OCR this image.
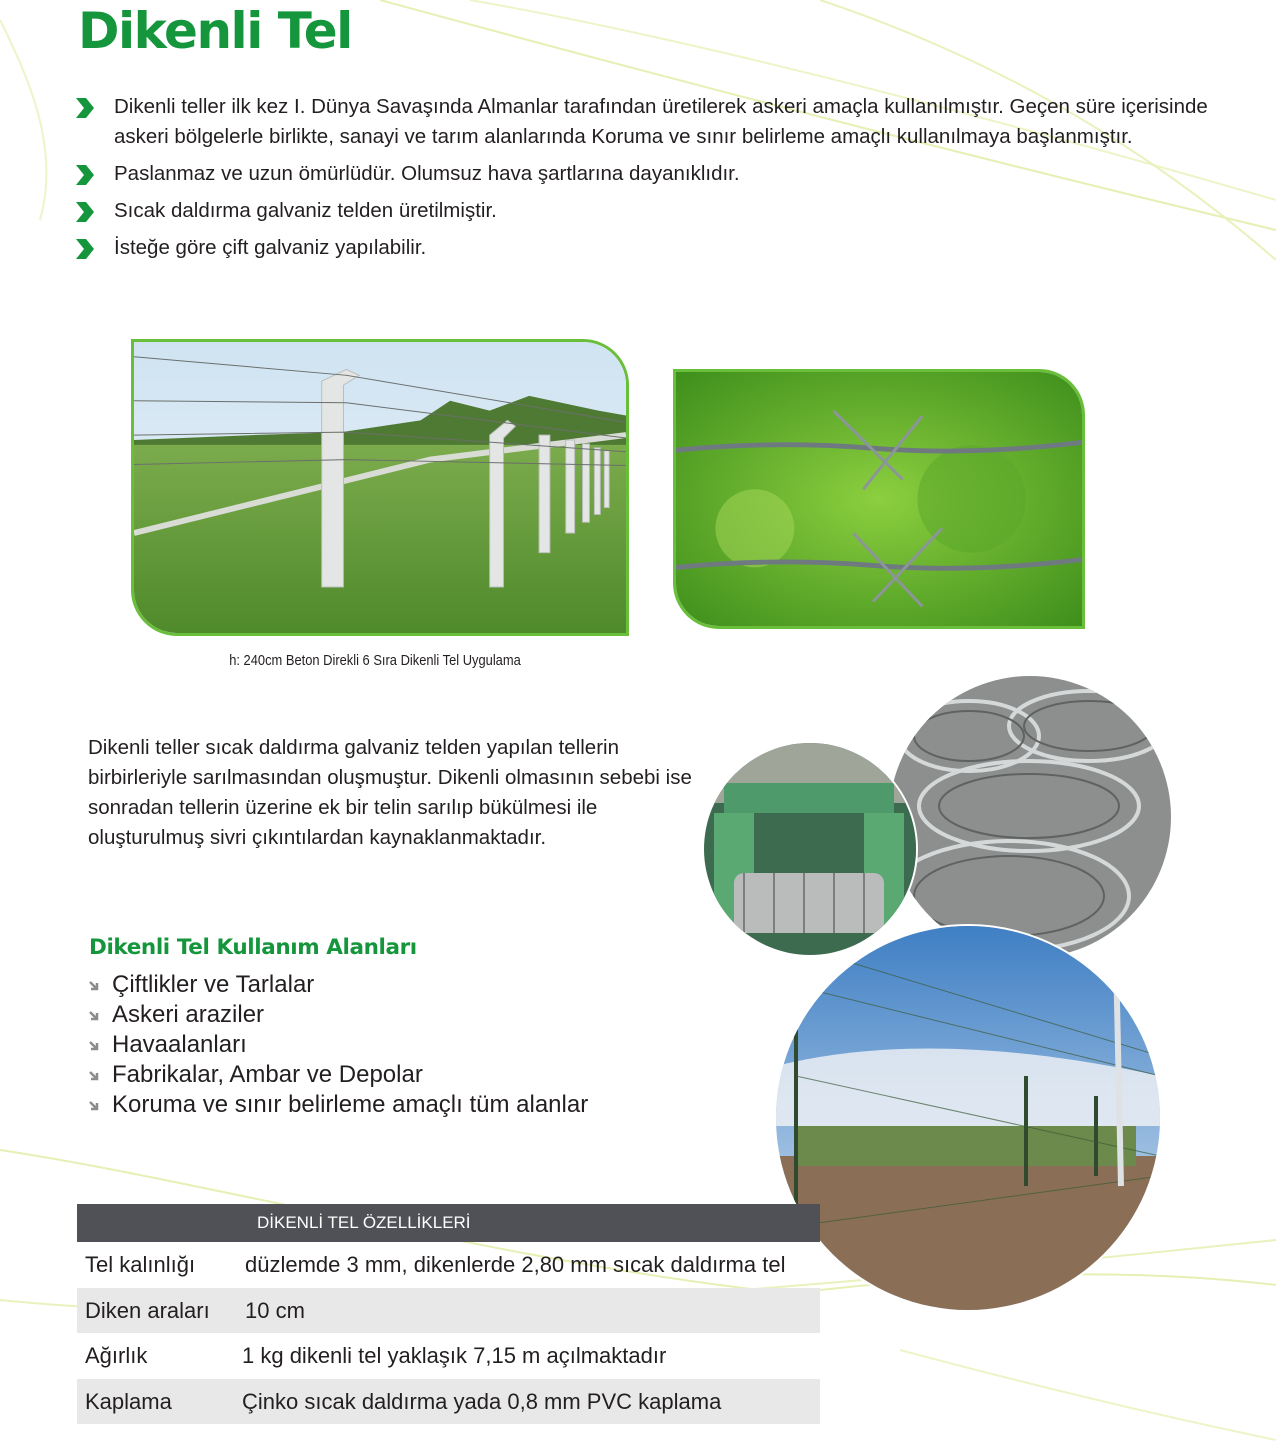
Dikenli Tel
Dikenli teller ilk kez I. Dünya Savaşında Almanlar tarafından üretilerek askeri amaçla kullanılmıştır. Geçen süre içerisinde askeri bölgelerle birlikte, sanayi ve tarım alanlarında Koruma ve sınır belirleme amaçlı kullanılmaya başlanmıştır.
Paslanmaz ve uzun ömürlüdür. Olumsuz hava şartlarına dayanıklıdır.
Sıcak daldırma galvaniz telden üretilmiştir.
İsteğe göre çift galvaniz yapılabilir.
h: 240cm Beton Direkli 6 Sıra Dikenli Tel Uygulama

Dikenli teller sıcak daldırma galvaniz telden yapılan tellerin birbirleriyle sarılmasından oluşmuştur. Dikenli olmasının sebebi ise sonradan tellerin üzerine ek bir telin sarılıp bükülmesi ile oluşturulmuş sivri çıkıntılardan kaynaklanmaktadır.

Dikenli Tel Kullanım Alanları
Çiftlikler ve Tarlalar
Askeri araziler
Havaalanları
Fabrikalar, Ambar ve Depolar
Koruma ve sınır belirleme amaçlı tüm alanlar
DİKENLİ TEL ÖZELLİKLERİ
Tel kalınlığı düzlemde 3 mm, dikenlerde 2,80 mm sıcak daldırma tel
Diken araları 10 cm
Ağırlık	1 kg dikenli tel yaklaşık 7,15 m açılmaktadır
Kaplama	Çinko sıcak daldırma yada 0,8 mm PVC kaplama
